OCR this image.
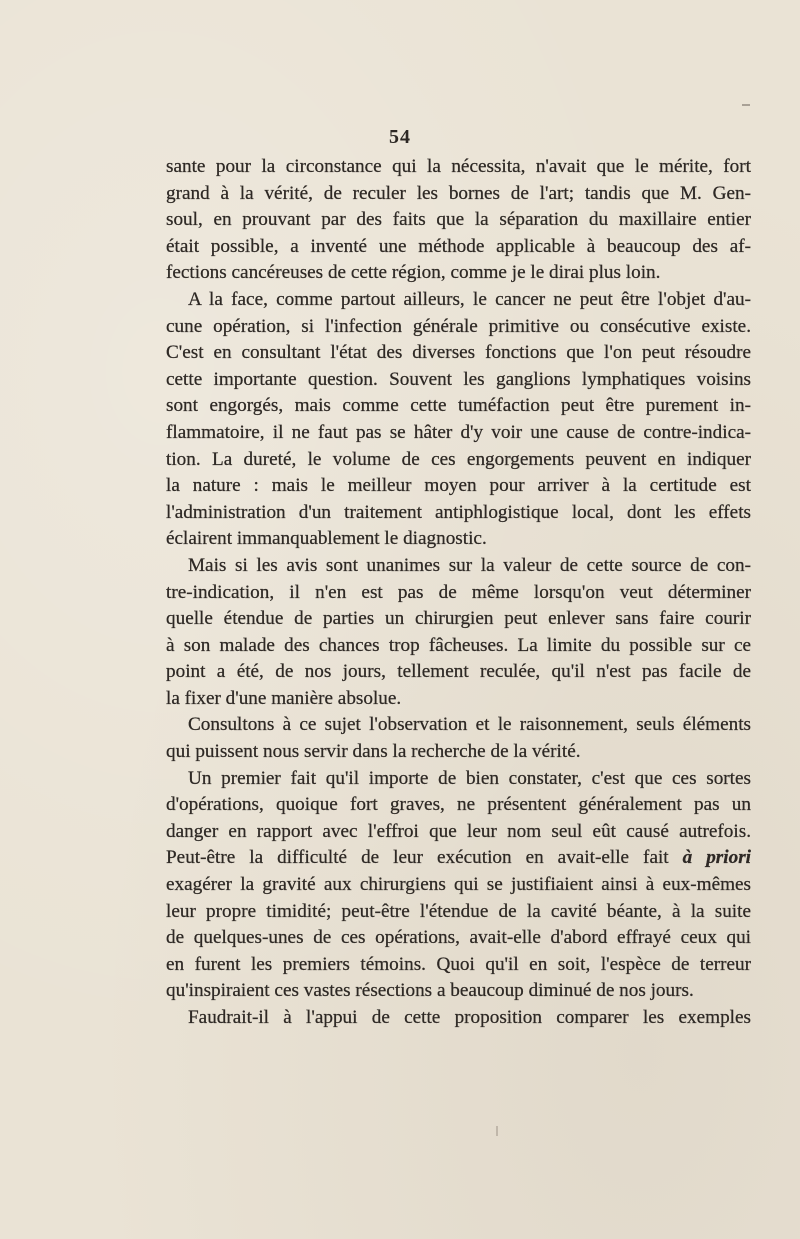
54
sante pour la circonstance qui la nécessita, n'avait que le mérite, fort
grand à la vérité, de reculer les bornes de l'art; tandis que M. Gen-
soul, en prouvant par des faits que la séparation du maxillaire entier
était possible, a inventé une méthode applicable à beaucoup des af-
fections cancéreuses de cette région, comme je le dirai plus loin.
A la face, comme partout ailleurs, le cancer ne peut être l'objet d'au-
cune opération, si l'infection générale primitive ou consécutive existe.
C'est en consultant l'état des diverses fonctions que l'on peut résoudre
cette importante question. Souvent les ganglions lymphatiques voisins
sont engorgés, mais comme cette tuméfaction peut être purement in-
flammatoire, il ne faut pas se hâter d'y voir une cause de contre-indica-
tion. La dureté, le volume de ces engorgements peuvent en indiquer
la nature : mais le meilleur moyen pour arriver à la certitude est
l'administration d'un traitement antiphlogistique local, dont les effets
éclairent immanquablement le diagnostic.
Mais si les avis sont unanimes sur la valeur de cette source de con-
tre-indication, il n'en est pas de même lorsqu'on veut déterminer
quelle étendue de parties un chirurgien peut enlever sans faire courir
à son malade des chances trop fâcheuses. La limite du possible sur ce
point a été, de nos jours, tellement reculée, qu'il n'est pas facile de
la fixer d'une manière absolue.
Consultons à ce sujet l'observation et le raisonnement, seuls éléments
qui puissent nous servir dans la recherche de la vérité.
Un premier fait qu'il importe de bien constater, c'est que ces sortes
d'opérations, quoique fort graves, ne présentent généralement pas un
danger en rapport avec l'effroi que leur nom seul eût causé autrefois.
Peut-être la difficulté de leur exécution en avait-elle fait à priori
exagérer la gravité aux chirurgiens qui se justifiaient ainsi à eux-mêmes
leur propre timidité; peut-être l'étendue de la cavité béante, à la suite
de quelques-unes de ces opérations, avait-elle d'abord effrayé ceux qui
en furent les premiers témoins. Quoi qu'il en soit, l'espèce de terreur
qu'inspiraient ces vastes résections a beaucoup diminué de nos jours.
Faudrait-il à l'appui de cette proposition comparer les exemples
